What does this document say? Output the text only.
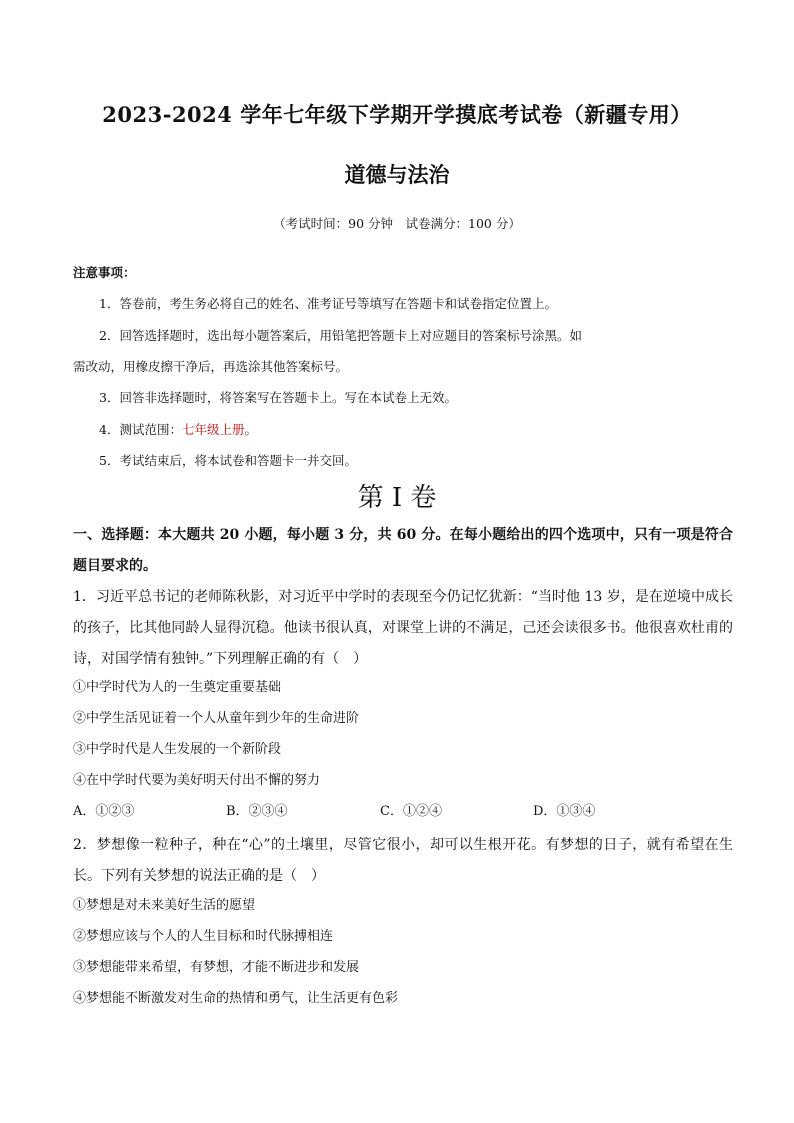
2023-2024 学年七年级下学期开学摸底考试卷（新疆专用）
道德与法治
（考试时间：90 分钟　试卷满分：100 分）
注意事项：
1．答卷前，考生务必将自己的姓名、准考证号等填写在答题卡和试卷指定位置上。
2．回答选择题时，选出每小题答案后，用铅笔把答题卡上对应题目的答案标号涂黑。如
需改动，用橡皮擦干净后，再选涂其他答案标号。
3．回答非选择题时，将答案写在答题卡上。写在本试卷上无效。
4．测试范围：七年级上册。
5．考试结束后，将本试卷和答题卡一并交回。
第 I 卷
一、选择题：本大题共 20 小题，每小题 3 分，共 60 分。在每小题给出的四个选项中，只有一项是符合题目要求的。
1．习近平总书记的老师陈秋影，对习近平中学时的表现至今仍记忆犹新：“当时他 13 岁，是在逆境中成长的孩子，比其他同龄人显得沉稳。他读书很认真，对课堂上讲的不满足，己还会读很多书。他很喜欢杜甫的诗，对国学情有独钟。”下列理解正确的有（　）
①中学时代为人的一生奠定重要基础
②中学生活见证着一个人从童年到少年的生命进阶
③中学时代是人生发展的一个新阶段
④在中学时代要为美好明天付出不懈的努力
A．①②③	B．②③④	C．①②④	D．①③④
2．梦想像一粒种子，种在“心”的土壤里，尽管它很小，却可以生根开花。有梦想的日子，就有希望在生长。下列有关梦想的说法正确的是（　）
①梦想是对未来美好生活的愿望
②梦想应该与个人的人生目标和时代脉搏相连
③梦想能带来希望，有梦想，才能不断进步和发展
④梦想能不断激发对生命的热情和勇气，让生活更有色彩
